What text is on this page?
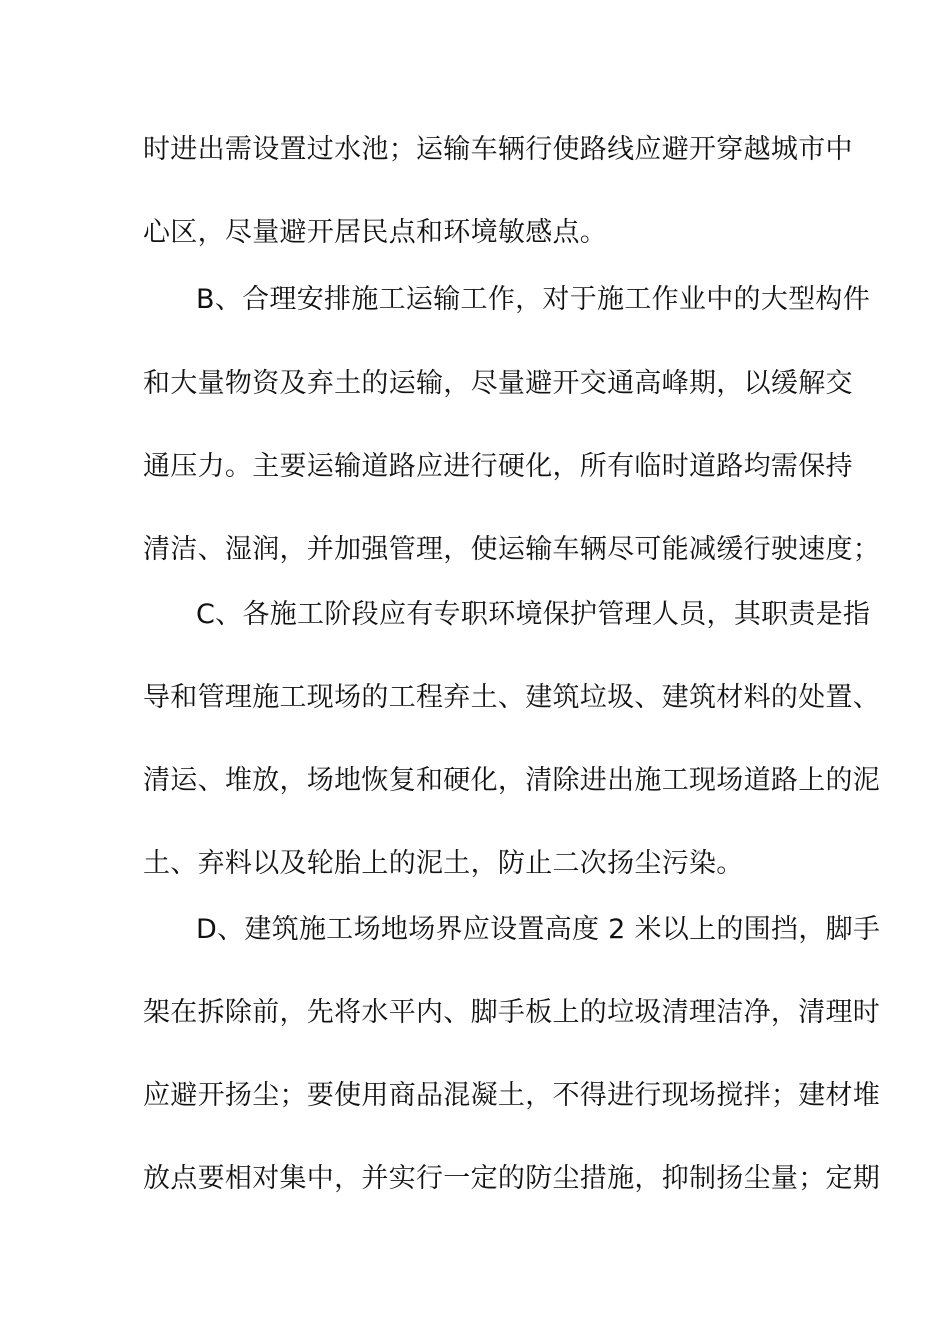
时进出需设置过水池；运输车辆行使路线应避开穿越城市中
心区，尽量避开居民点和环境敏感点。
B、合理安排施工运输工作，对于施工作业中的大型构件
和大量物资及弃土的运输，尽量避开交通高峰期，以缓解交
通压力。主要运输道路应进行硬化，所有临时道路均需保持
清洁、湿润，并加强管理，使运输车辆尽可能减缓行驶速度；
C、各施工阶段应有专职环境保护管理人员，其职责是指
导和管理施工现场的工程弃土、建筑垃圾、建筑材料的处置、
清运、堆放，场地恢复和硬化，清除进出施工现场道路上的泥
土、弃料以及轮胎上的泥土，防止二次扬尘污染。
D、建筑施工场地场界应设置高度 2 米以上的围挡，脚手
架在拆除前，先将水平内、脚手板上的垃圾清理洁净，清理时
应避开扬尘；要使用商品混凝土，不得进行现场搅拌；建材堆
放点要相对集中，并实行一定的防尘措施，抑制扬尘量；定期
